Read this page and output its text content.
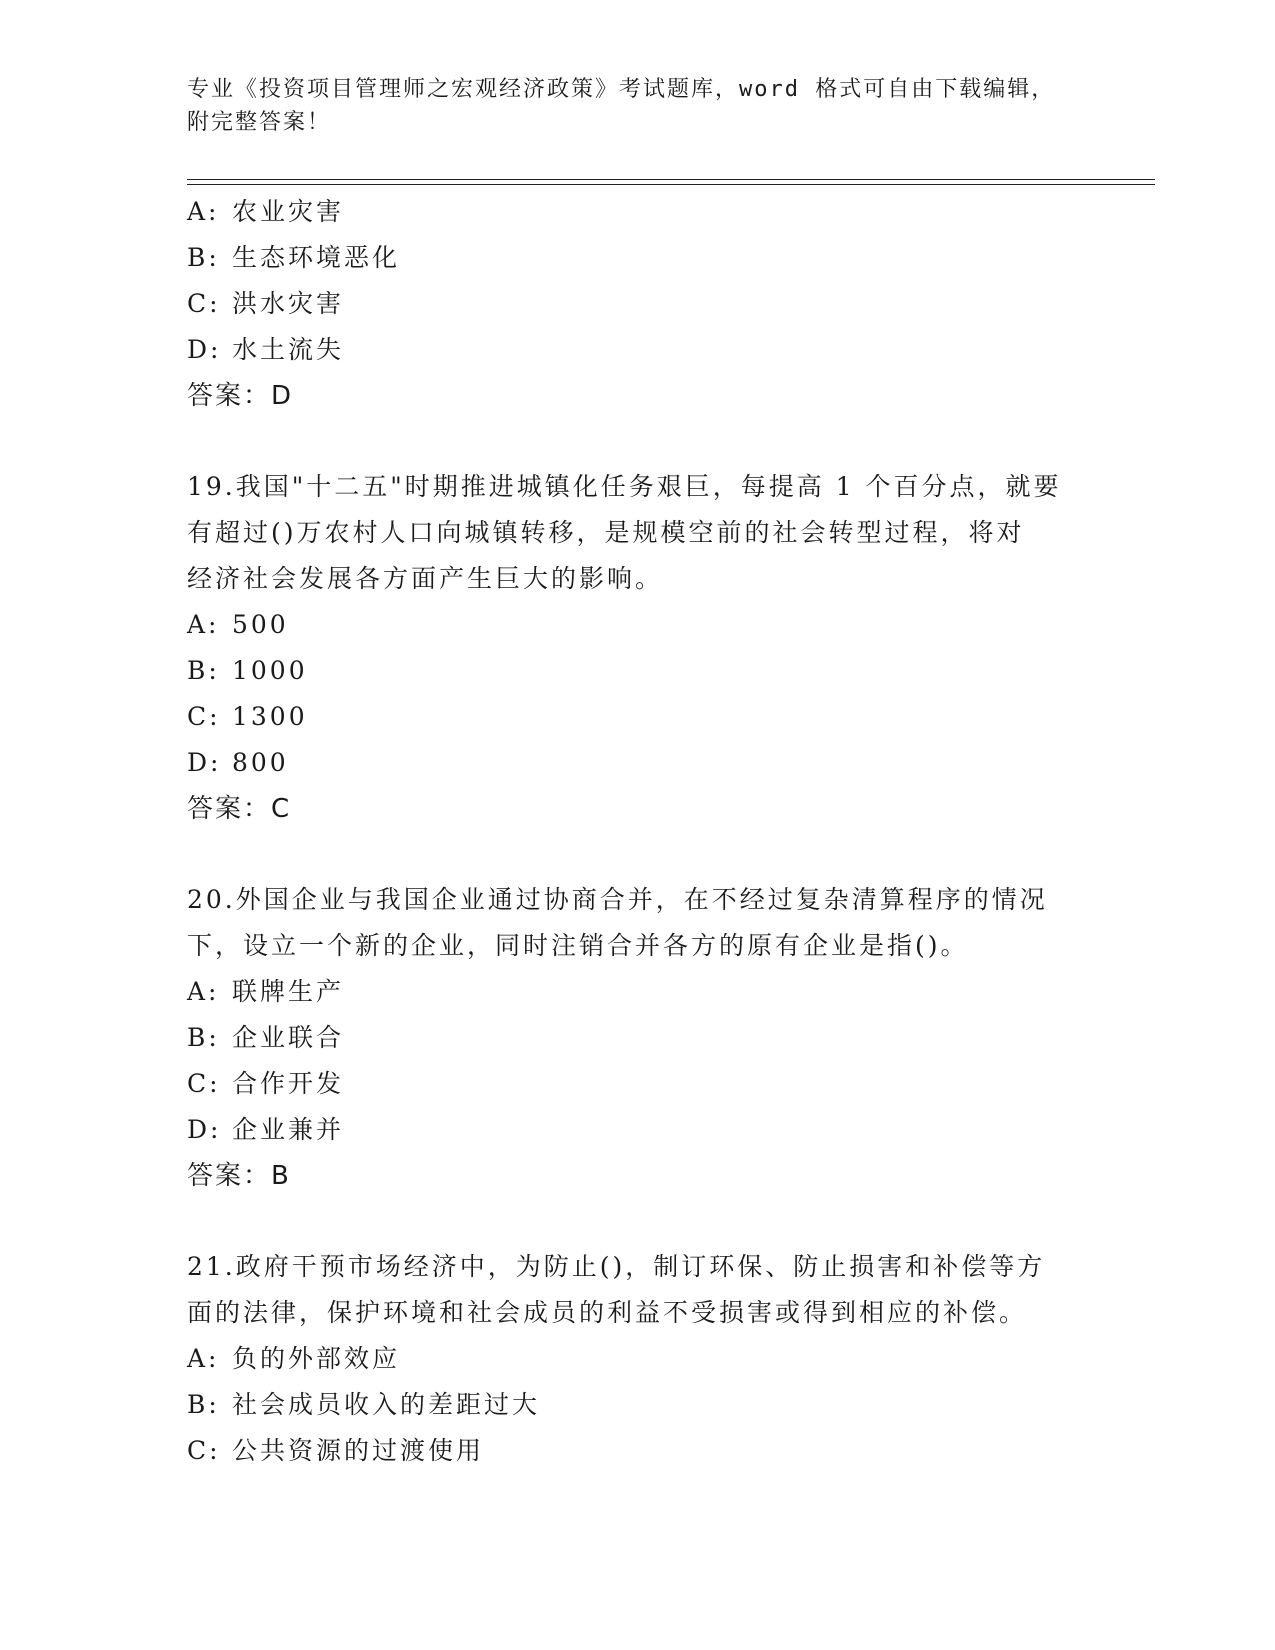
专业《投资项目管理师之宏观经济政策》考试题库，word 格式可自由下载编辑，
附完整答案！
A: 农业灾害
B: 生态环境恶化
C: 洪水灾害
D: 水土流失
答案：D
19.我国"十二五"时期推进城镇化任务艰巨，每提高 1 个百分点，就要
有超过()万农村人口向城镇转移，是规模空前的社会转型过程，将对
经济社会发展各方面产生巨大的影响。
A: 500
B: 1000
C: 1300
D: 800
答案：C
20.外国企业与我国企业通过协商合并，在不经过复杂清算程序的情况
下，设立一个新的企业，同时注销合并各方的原有企业是指()。
A: 联牌生产
B: 企业联合
C: 合作开发
D: 企业兼并
答案：B
21.政府干预市场经济中，为防止()，制订环保、防止损害和补偿等方
面的法律，保护环境和社会成员的利益不受损害或得到相应的补偿。
A: 负的外部效应
B: 社会成员收入的差距过大
C: 公共资源的过渡使用
